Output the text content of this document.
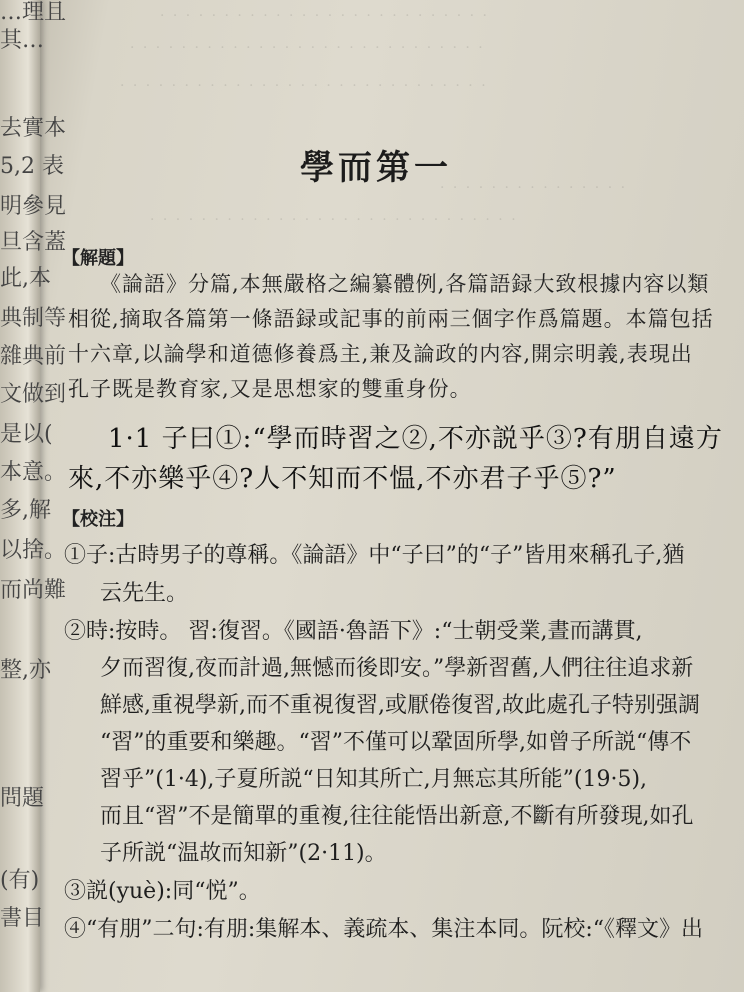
· · · · · · · · · · · · · · · · · · · · · · · · · ·
· · · · · · · · · · · · · · · · · · · · · · · · · · · ·
· · · · · · · · · · · · · · · · · · · · · · · · · · · · ·
· · · · · · · · · · · · · · ·
· · · · · · · · · · · · · · · · · · · · · · · · · · · · ·
學而第一
【解題】
《論語》分篇,本無嚴格之編纂體例,各篇語録大致根據内容以類
相從,摘取各篇第一條語録或記事的前兩三個字作爲篇題。本篇包括
十六章,以論學和道德修養爲主,兼及論政的内容,開宗明義,表現出
孔子既是教育家,又是思想家的雙重身份。
1·1 子曰①:“學而時習之②,不亦説乎③?有朋自遠方
來,不亦樂乎④?人不知而不愠,不亦君子乎⑤?”
【校注】
①子:古時男子的尊稱。《論語》中“子曰”的“子”皆用來稱孔子,猶
云先生。
②時:按時。 習:復習。《國語·魯語下》:“士朝受業,晝而講貫,
夕而習復,夜而計過,無憾而後即安。”學新習舊,人們往往追求新
鮮感,重視學新,而不重視復習,或厭倦復習,故此處孔子特别强調
“習”的重要和樂趣。“習”不僅可以鞏固所學,如曾子所説“傳不
習乎”(1·4),子夏所説“日知其所亡,月無忘其所能”(19·5),
而且“習”不是簡單的重複,往往能悟出新意,不斷有所發現,如孔
子所説“温故而知新”(2·11)。
③説(yuè):同“悦”。
④“有朋”二句:有朋:集解本、義疏本、集注本同。阮校:“《釋文》出
…理且
其…
去實本
5,2 表
明參見
旦含蓋
此,本
典制等
雜典前
文做到
是以(
本意。
多,解
以捨。
而尚難
整,亦
問題
(有)
書目
